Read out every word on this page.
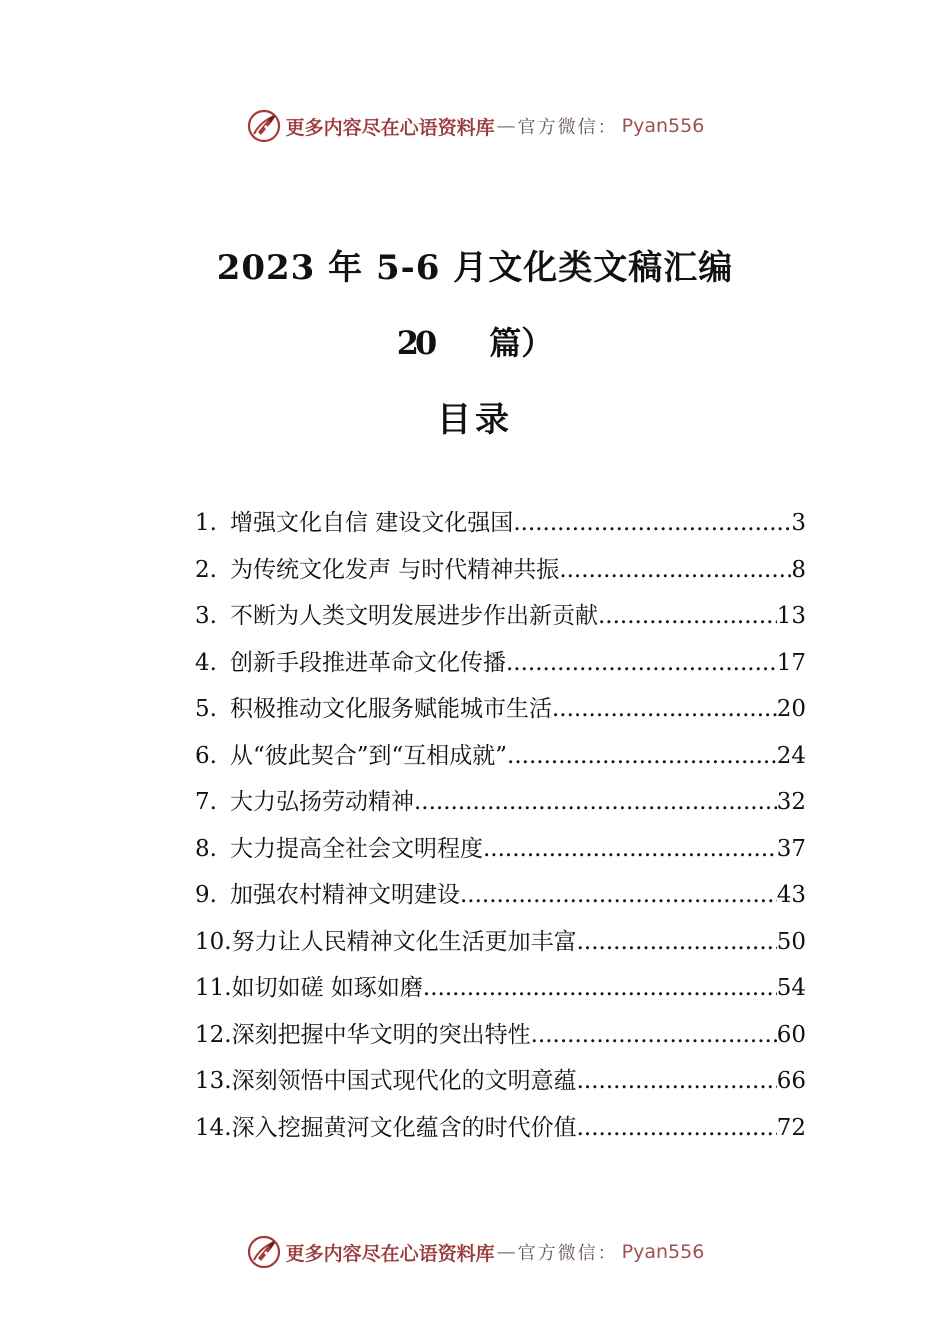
更多内容尽在心语资料库 — 官方微信： Pyan556
2023 年 5-6 月文化类文稿汇编
20 篇）
目录
1. 增强文化自信 建设文化强国 .....	3
2. 为传统文化发声 与时代精神共振 .....	8
3. 不断为人类文明发展进步作出新贡献 .....	13
4. 创新手段推进革命文化传播 .....	17
5. 积极推动文化服务赋能城市生活 .....	20
6. 从“彼此契合”到“互相成就” .....	24
7. 大力弘扬劳动精神 .....	32
8. 大力提高全社会文明程度 .....	37
9. 加强农村精神文明建设 .....	43
10. 努力让人民精神文化生活更加丰富 .....	50
11. 如切如磋 如琢如磨 .....	54
12. 深刻把握中华文明的突出特性 .....	60
13. 深刻领悟中国式现代化的文明意蕴 .....	66
14. 深入挖掘黄河文化蕴含的时代价值 .....	72
更多内容尽在心语资料库 — 官方微信： Pyan556
